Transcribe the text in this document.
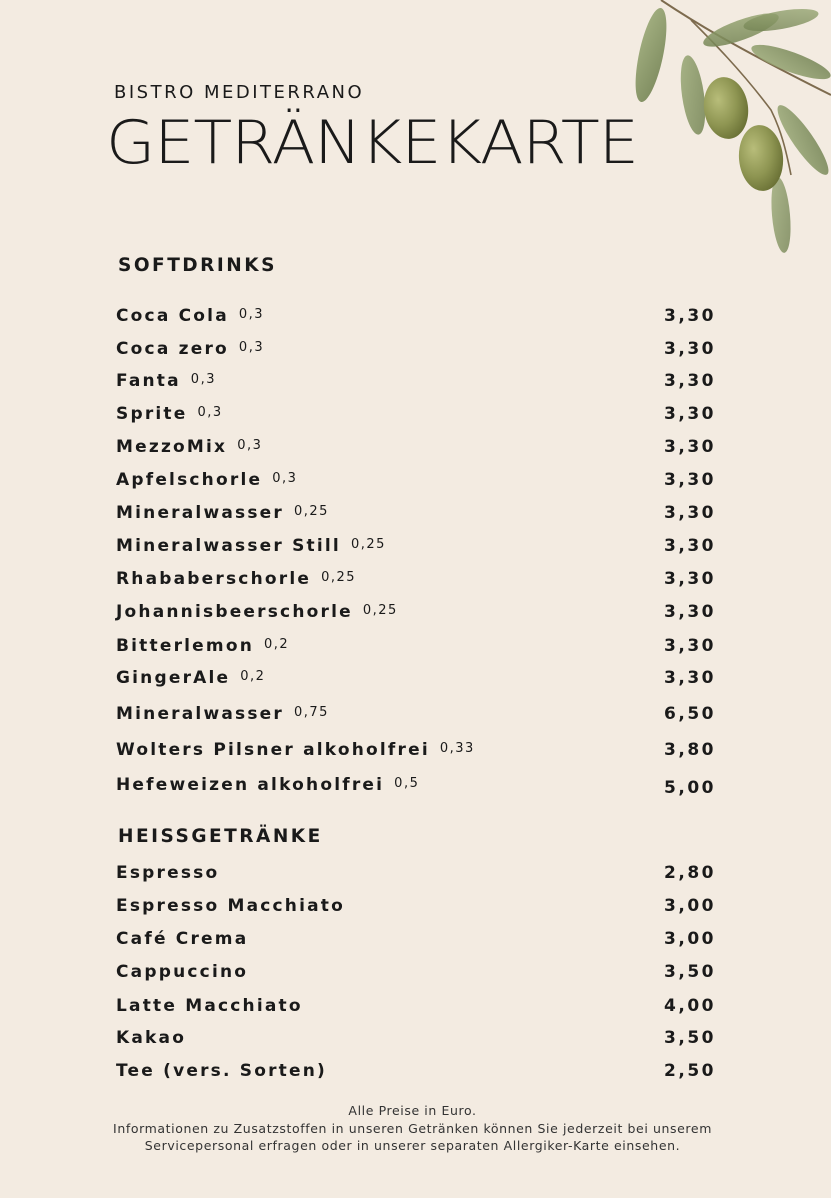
BISTRO MEDITERRANO
GETRÄNKEKARTE
SOFTDRINKS
Coca Cola 0,3	3,30
Coca zero 0,3	3,30
Fanta 0,3	3,30
Sprite 0,3	3,30
MezzoMix 0,3	3,30
Apfelschorle 0,3	3,30
Mineralwasser 0,25	3,30
Mineralwasser Still 0,25	3,30
Rhababerschorle 0,25	3,30
Johannisbeerschorle 0,25	3,30
Bitterlemon 0,2	3,30
GingerAle 0,2	3,30
Mineralwasser 0,75	6,50
Wolters Pilsner alkoholfrei 0,33	3,80
Hefeweizen alkoholfrei 0,5	5,00
HEISSGETRÄNKE
Espresso	2,80
Espresso Macchiato	3,00
Café Crema	3,00
Cappuccino	3,50
Latte Macchiato	4,00
Kakao	3,50
Tee (vers. Sorten)	2,50
Alle Preise in Euro.
Informationen zu Zusatzstoffen in unseren Getränken können Sie jederzeit bei unserem Servicepersonal erfragen oder in unserer separaten Allergiker-Karte einsehen.
